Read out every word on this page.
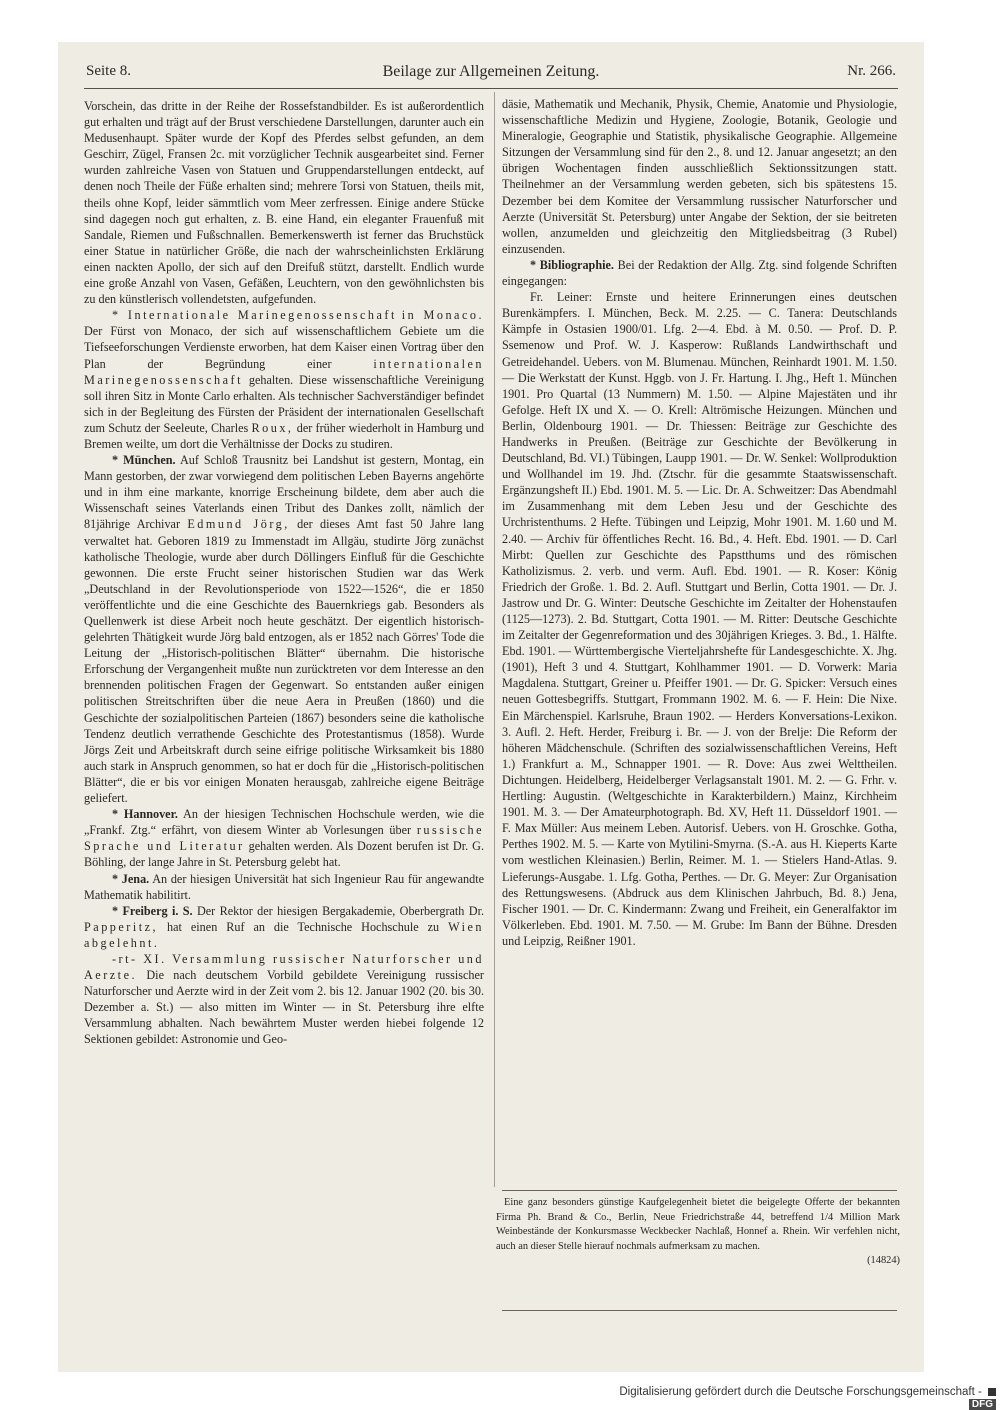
Seite 8.	Beilage zur Allgemeinen Zeitung.	Nr. 266.

Vorschein, das dritte in der Reihe der Rossefstandbilder. Es ist außerordentlich gut erhalten und trägt auf der Brust verschiedene Darstellungen, darunter auch ein Medusenhaupt. Später wurde der Kopf des Pferdes selbst gefunden, an dem Geschirr, Zügel, Fransen 2c. mit vorzüglicher Technik ausgearbeitet sind. Ferner wurden zahlreiche Vasen von Statuen und Gruppendarstellungen entdeckt, auf denen noch Theile der Füße erhalten sind; mehrere Torsi von Statuen, theils mit, theils ohne Kopf, leider sämmtlich vom Meer zerfressen. Einige andere Stücke sind dagegen noch gut erhalten, z. B. eine Hand, ein eleganter Frauenfuß mit Sandale, Riemen und Fußschnallen. Bemerkenswerth ist ferner das Bruchstück einer Statue in natürlicher Größe, die nach der wahrscheinlichsten Erklärung einen nackten Apollo, der sich auf den Dreifuß stützt, darstellt. Endlich wurde eine große Anzahl von Vasen, Gefäßen, Leuchtern, von den gewöhnlichsten bis zu den künstlerisch vollendetsten, aufgefunden.

* Internationale Marinegenossenschaft in Monaco. Der Fürst von Monaco, der sich auf wissenschaftlichem Gebiete um die Tiefseeforschungen Verdienste erworben, hat dem Kaiser einen Vortrag über den Plan der Begründung einer	internationalen Marinegenossenschaft gehalten. Diese wissenschaftliche Vereinigung soll ihren Sitz in Monte Carlo erhalten. Als technischer Sachverständiger befindet sich in der Begleitung des Fürsten der Präsident der internationalen Gesellschaft zum Schutz der Seeleute, Charles Roux, der früher wiederholt in Hamburg und Bremen weilte, um dort die Verhältnisse der Docks zu studiren.

* München. Auf Schloß Trausnitz bei Landshut ist gestern, Montag, ein Mann gestorben, der zwar vorwiegend dem politischen Leben Bayerns angehörte und in ihm eine markante, knorrige Erscheinung bildete, dem aber auch die Wissenschaft seines Vaterlands einen Tribut des Dankes zollt, nämlich der 81jährige Archivar Edmund Jörg, der dieses Amt fast 50 Jahre lang verwaltet hat. Geboren 1819 zu Immenstadt im Allgäu, studirte Jörg zunächst katholische Theologie, wurde aber durch Döllingers Einfluß für die Geschichte gewonnen. Die erste Frucht seiner historischen Studien war das Werk „Deutschland in der Revolutionsperiode von 1522—1526“, die er 1850 veröffentlichte und die eine Geschichte des Bauernkriegs gab. Besonders als Quellenwerk ist diese Arbeit noch heute geschätzt. Der eigentlich historisch-gelehrten Thätigkeit wurde Jörg bald entzogen, als er 1852 nach Görres' Tode die Leitung der „Historisch-politischen Blätter“ übernahm. Die historische Erforschung der Vergangenheit mußte nun zurücktreten vor dem Interesse an den brennenden politischen Fragen der Gegenwart. So entstanden außer einigen politischen Streitschriften über die neue Aera in Preußen (1860) und die Geschichte der sozialpolitischen Parteien (1867) besonders seine die katholische Tendenz deutlich verrathende Geschichte des Protestantismus (1858). Wurde Jörgs Zeit und Arbeitskraft durch seine eifrige politische Wirksamkeit bis 1880 auch stark in Anspruch genommen, so hat er doch für die „Historisch-politischen Blätter“, die er bis vor einigen Monaten herausgab, zahlreiche eigene Beiträge geliefert.

* Hannover. An der hiesigen Technischen Hochschule werden, wie die „Frankf. Ztg.“ erfährt, von diesem Winter ab Vorlesungen über russische Sprache und Literatur gehalten werden. Als Dozent berufen ist Dr. G. Böhling, der lange Jahre in St. Petersburg gelebt hat.

* Jena. An der hiesigen Universität hat sich Ingenieur Rau für angewandte Mathematik habilitirt.

* Freiberg i. S. Der Rektor der hiesigen Bergakademie, Oberbergrath Dr. Papperitz, hat einen Ruf an die Technische Hochschule zu Wien abgelehnt.

-rt- XI. Versammlung russischer Naturforscher und Aerzte. Die nach deutschem Vorbild gebildete Vereinigung russischer Naturforscher und Aerzte wird in der Zeit vom 2. bis 12. Januar 1902 (20. bis 30. Dezember a. St.) — also mitten im Winter — in St. Petersburg ihre elfte Versammlung abhalten. Nach bewährtem Muster werden hiebei folgende 12 Sektionen gebildet: Astronomie und Geo-

däsie, Mathematik und Mechanik, Physik, Chemie, Anatomie und Physiologie, wissenschaftliche Medizin und Hygiene, Zoologie, Botanik, Geologie und Mineralogie, Geographie und Statistik, physikalische Geographie. Allgemeine Sitzungen der Versammlung sind für den 2., 8. und 12. Januar angesetzt; an den übrigen Wochentagen finden ausschließlich Sektionssitzungen statt. Theilnehmer an der Versammlung werden gebeten, sich bis spätestens 15. Dezember bei dem Komitee der Versammlung russischer Naturforscher und Aerzte (Universität St. Petersburg) unter Angabe der Sektion, der sie beitreten wollen, anzumelden und gleichzeitig den Mitgliedsbeitrag (3 Rubel) einzusenden.

* Bibliographie. Bei der Redaktion der Allg. Ztg. sind folgende Schriften eingegangen:

Fr. Leiner: Ernste und heitere Erinnerungen eines deutschen Burenkämpfers. I. München, Beck. M. 2.25. — C. Tanera: Deutschlands Kämpfe in Ostasien 1900/01. Lfg. 2—4. Ebd. à M. 0.50. — Prof. D. P. Ssemenow und Prof. W. J. Kasperow: Rußlands Landwirthschaft und Getreidehandel. Uebers. von M. Blumenau. München, Reinhardt 1901. M. 1.50. — Die Werkstatt der Kunst. Hggb. von J. Fr. Hartung. I. Jhg., Heft 1. München 1901. Pro Quartal (13 Nummern) M. 1.50. — Alpine Majestäten und ihr Gefolge. Heft IX und X. — O. Krell: Altrömische Heizungen. München und Berlin, Oldenbourg 1901. — Dr. Thiessen: Beiträge zur Geschichte des Handwerks in Preußen. (Beiträge zur Geschichte der Bevölkerung in Deutschland, Bd. VI.) Tübingen, Laupp 1901. — Dr. W. Senkel: Wollproduktion und Wollhandel im 19. Jhd. (Ztschr. für die gesammte Staatswissenschaft. Ergänzungsheft II.) Ebd. 1901. M. 5. — Lic. Dr. A. Schweitzer: Das Abendmahl im Zusammenhang mit dem Leben Jesu und der Geschichte des Urchristenthums. 2 Hefte. Tübingen und Leipzig, Mohr 1901. M. 1.60 und M. 2.40. — Archiv für öffentliches Recht. 16. Bd., 4. Heft. Ebd. 1901. — D. Carl Mirbt: Quellen zur Geschichte des Papstthums und des römischen Katholizismus. 2. verb. und verm. Aufl. Ebd. 1901. — R. Koser: König Friedrich der Große. 1. Bd. 2. Aufl. Stuttgart und Berlin, Cotta 1901. — Dr. J. Jastrow und Dr. G. Winter: Deutsche Geschichte im Zeitalter der Hohenstaufen (1125—1273). 2. Bd. Stuttgart, Cotta 1901. — M. Ritter: Deutsche Geschichte im Zeitalter der Gegenreformation und des 30jährigen Krieges. 3. Bd., 1. Hälfte. Ebd. 1901. — Württembergische Vierteljahrshefte für Landesgeschichte. X. Jhg. (1901), Heft 3 und 4. Stuttgart, Kohlhammer 1901. — D. Vorwerk: Maria Magdalena. Stuttgart, Greiner u. Pfeiffer 1901. — Dr. G. Spicker: Versuch eines neuen Gottesbegriffs. Stuttgart, Frommann 1902. M. 6. — F. Hein: Die Nixe. Ein Märchenspiel. Karlsruhe, Braun 1902. — Herders Konversations-Lexikon. 3. Aufl. 2. Heft. Herder, Freiburg i. Br. — J. von der Brelje: Die Reform der höheren Mädchenschule. (Schriften des sozialwissenschaftlichen Vereins, Heft 1.) Frankfurt a. M., Schnapper 1901. — R. Dove: Aus zwei Welttheilen. Dichtungen. Heidelberg, Heidelberger Verlagsanstalt 1901. M. 2. — G. Frhr. v. Hertling: Augustin. (Weltgeschichte in Karakterbildern.) Mainz, Kirchheim 1901. M. 3. — Der Amateurphotograph. Bd. XV, Heft 11. Düsseldorf 1901. — F. Max Müller: Aus meinem Leben. Autorisf. Uebers. von H. Groschke. Gotha, Perthes 1902. M. 5. — Karte von Mytilini-Smyrna. (S.-A. aus H. Kieperts Karte vom westlichen Kleinasien.) Berlin, Reimer. M. 1. — Stielers Hand-Atlas. 9. Lieferungs-Ausgabe. 1. Lfg. Gotha, Perthes. — Dr. G. Meyer: Zur Organisation des Rettungswesens. (Abdruck aus dem Klinischen Jahrbuch, Bd. 8.) Jena, Fischer 1901. — Dr. C. Kindermann: Zwang und Freiheit, ein Generalfaktor im Völkerleben. Ebd. 1901. M. 7.50. — M. Grube: Im Bann der Bühne. Dresden und Leipzig, Reißner 1901.

Eine ganz besonders günstige Kaufgelegenheit bietet die beigelegte Offerte der bekannten Firma Ph. Brand & Co., Berlin, Neue Friedrichstraße 44, betreffend 1/4 Million Mark Weinbestände der Konkursmasse Weckbecker Nachlaß, Honnef a. Rhein. Wir verfehlen nicht, auch an dieser Stelle hierauf nochmals aufmerksam zu machen.

(14824)
Digitalisierung gefördert durch die Deutsche Forschungsgemeinschaft -  DFG
